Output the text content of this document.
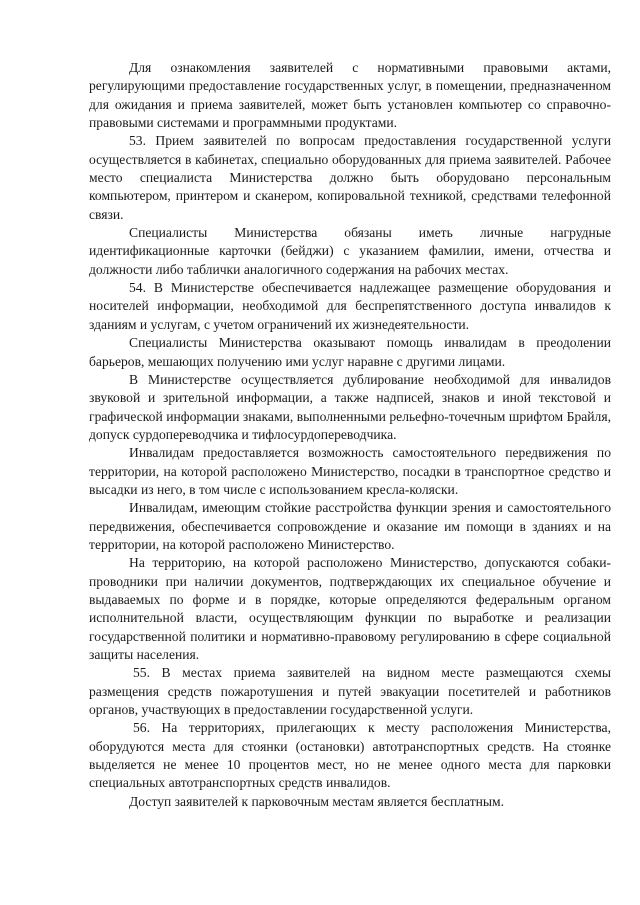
Для ознакомления заявителей с нормативными правовыми актами, регулирующими предоставление государственных услуг, в помещении, предназначенном для ожидания и приема заявителей, может быть установлен компьютер со справочно-правовыми системами и программными продуктами.

53. Прием заявителей по вопросам предоставления государственной услуги осуществляется в кабинетах, специально оборудованных для приема заявителей. Рабочее место специалиста Министерства должно быть оборудовано персональным компьютером, принтером и сканером, копировальной техникой, средствами телефонной связи.

Специалисты Министерства обязаны иметь личные нагрудные идентификационные карточки (бейджи) с указанием фамилии, имени, отчества и должности либо таблички аналогичного содержания на рабочих местах.

54. В Министерстве обеспечивается надлежащее размещение оборудования и носителей информации, необходимой для беспрепятственного доступа инвалидов к зданиям и услугам, с учетом ограничений их жизнедеятельности.

Специалисты Министерства оказывают помощь инвалидам в преодолении барьеров, мешающих получению ими услуг наравне с другими лицами.

В Министерстве осуществляется дублирование необходимой для инвалидов звуковой и зрительной информации, а также надписей, знаков и иной текстовой и графической информации знаками, выполненными рельефно-точечным шрифтом Брайля, допуск сурдопереводчика и тифлосурдопереводчика.

Инвалидам предоставляется возможность самостоятельного передвижения по территории, на которой расположено Министерство, посадки в транспортное средство и высадки из него, в том числе с использованием кресла-коляски.

Инвалидам, имеющим стойкие расстройства функции зрения и самостоятельного передвижения, обеспечивается сопровождение и оказание им помощи в зданиях и на территории, на которой расположено Министерство.

На территорию, на которой расположено Министерство, допускаются собаки-проводники при наличии документов, подтверждающих их специальное обучение и выдаваемых по форме и в порядке, которые определяются федеральным органом исполнительной власти, осуществляющим функции по выработке и реализации государственной политики и нормативно-правовому регулированию в сфере социальной защиты населения.

55. В местах приема заявителей на видном месте размещаются схемы размещения средств пожаротушения и путей эвакуации посетителей и работников органов, участвующих в предоставлении государственной услуги.

56. На территориях, прилегающих к месту расположения Министерства, оборудуются места для стоянки (остановки) автотранспортных средств. На стоянке выделяется не менее 10 процентов мест, но не менее одного места для парковки специальных автотранспортных средств инвалидов.

Доступ заявителей к парковочным местам является бесплатным.
